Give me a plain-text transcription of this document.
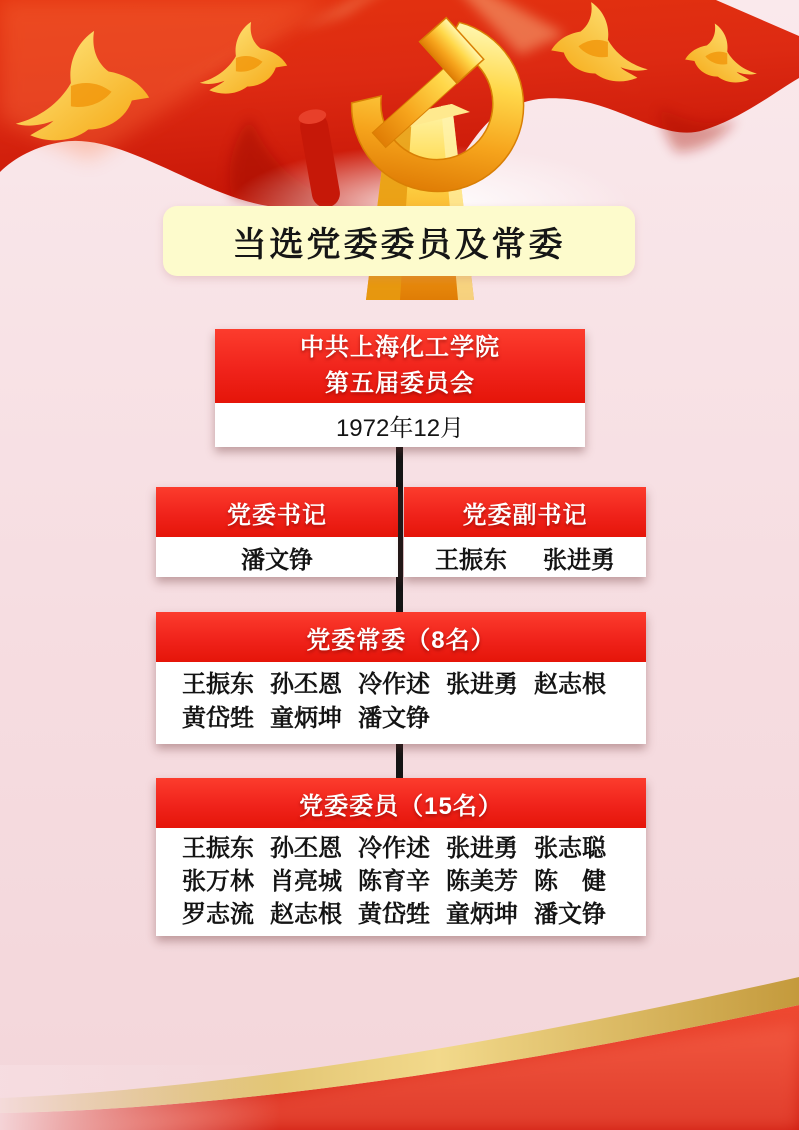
当选党委委员及常委
中共上海化工学院
第五届委员会
1972年12月
党委书记
潘文铮
党委副书记
王振东 张进勇
党委常委（8名）
王振东 孙丕恩 冷作述 张进勇 赵志根
黄岱甡 童炳坤 潘文铮
党委委员（15名）
王振东 孙丕恩 冷作述 张进勇 张志聪
张万林 肖亮城 陈育辛 陈美芳 陈　健
罗志流 赵志根 黄岱甡 童炳坤 潘文铮
